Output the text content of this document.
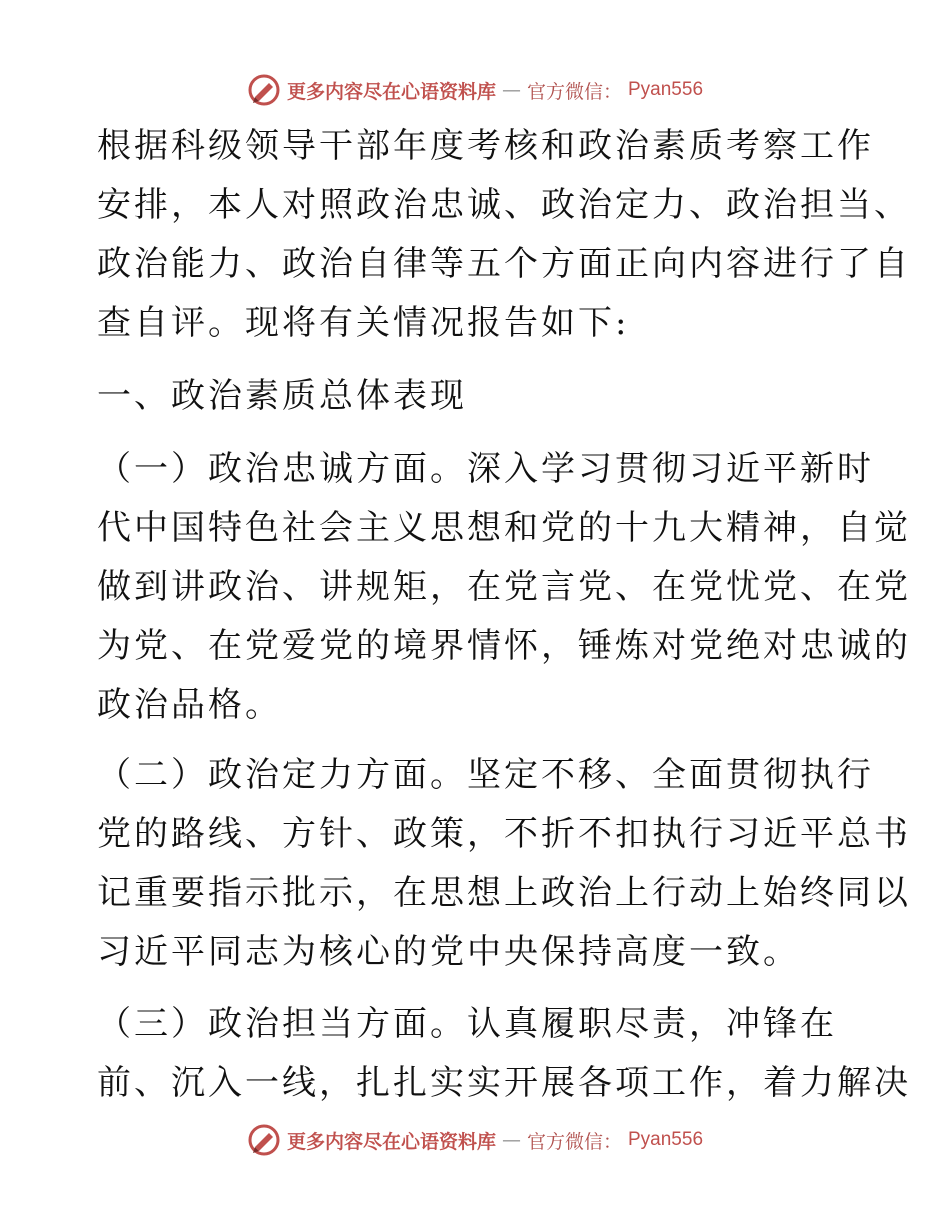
更多内容尽在心语资料库 — 官方微信： Pyan556
根据科级领导干部年度考核和政治素质考察工作
安排，本人对照政治忠诚、政治定力、政治担当、
政治能力、政治自律等五个方面正向内容进行了自
查自评。现将有关情况报告如下:
一、政治素质总体表现
（一）政治忠诚方面。深入学习贯彻习近平新时
代中国特色社会主义思想和党的十九大精神，自觉
做到讲政治、讲规矩，在党言党、在党忧党、在党
为党、在党爱党的境界情怀，锤炼对党绝对忠诚的
政治品格。
（二）政治定力方面。坚定不移、全面贯彻执行
党的路线、方针、政策，不折不扣执行习近平总书
记重要指示批示，在思想上政治上行动上始终同以
习近平同志为核心的党中央保持高度一致。
（三）政治担当方面。认真履职尽责，冲锋在
前、沉入一线，扎扎实实开展各项工作，着力解决
更多内容尽在心语资料库 — 官方微信： Pyan556
